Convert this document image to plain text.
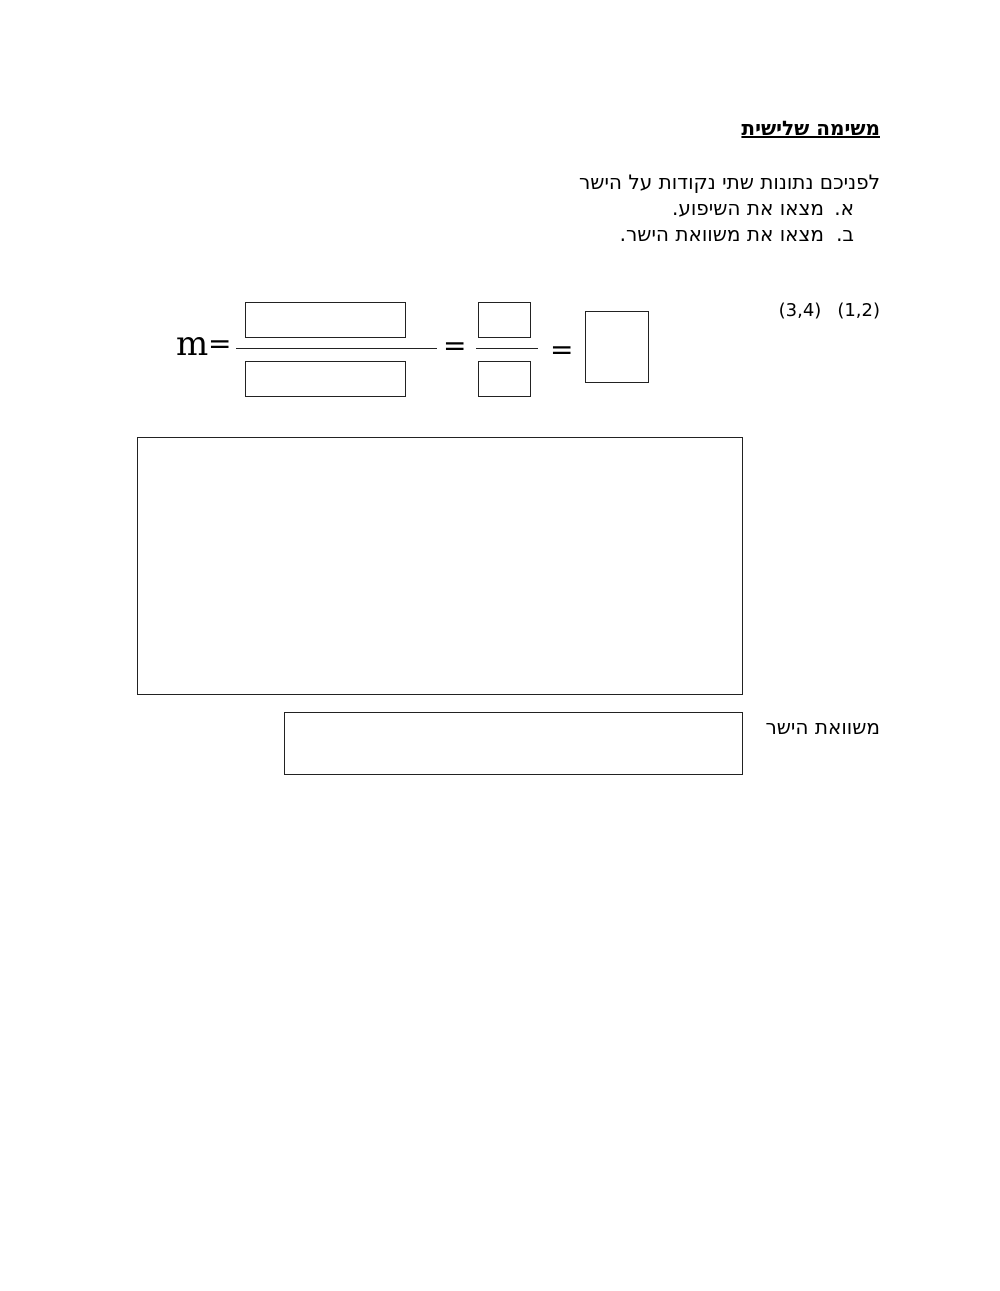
משימה שלישית
לפניכם נתונות שתי נקודות על הישר
א.
מצאו את השיפוע.
ב.
מצאו את משוואת הישר.
(3,4) (1,2)
m =	=	=
משוואת הישר
